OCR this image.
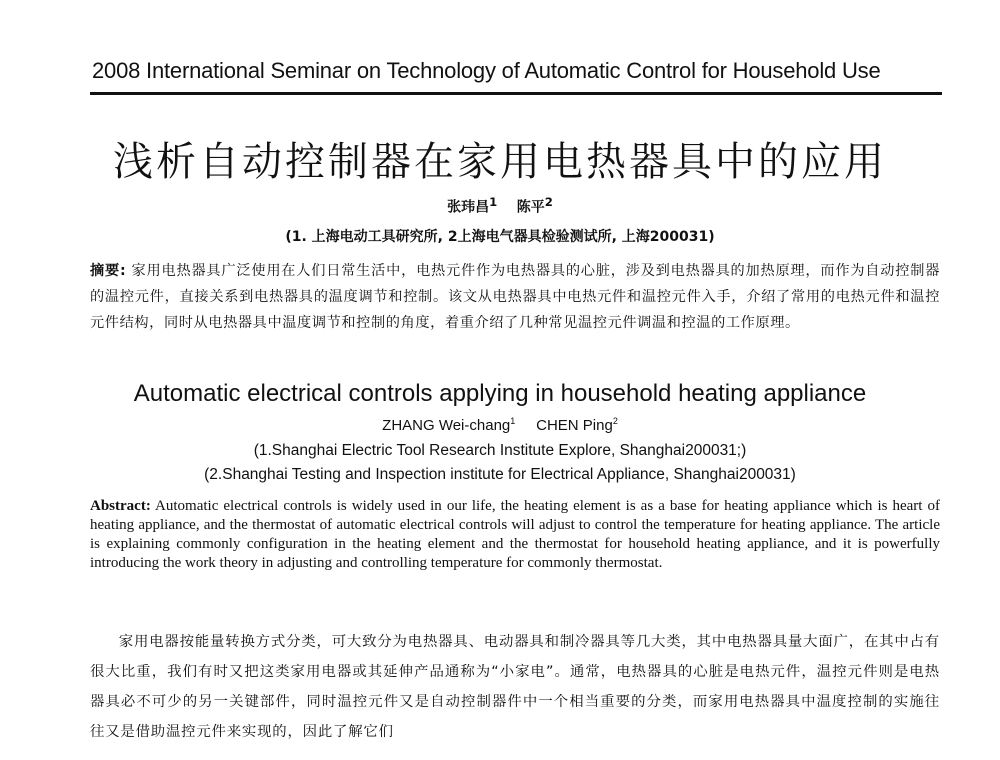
2008 International Seminar on Technology of Automatic Control for Household Use
浅析自动控制器在家用电热器具中的应用
张玮昌$^1$ 陈平$^2$
(1. 上海电动工具研究所, 2上海电气器具检验测试所, 上海200031)
摘要: 家用电热器具广泛使用在人们日常生活中，电热元件作为电热器具的心脏，涉及到电热器具的加热原理，而作为自动控制器的温控元件，直接关系到电热器具的温度调节和控制。该文从电热器具中电热元件和温控元件入手，介绍了常用的电热元件和温控元件结构，同时从电热器具中温度调节和控制的角度，着重介绍了几种常见温控元件调温和控温的工作原理。
Automatic electrical controls applying in household heating appliance
ZHANG Wei-chang$^1$ CHEN Ping$^2$
(1.Shanghai Electric Tool Research Institute Explore, Shanghai200031;)
(2.Shanghai Testing and Inspection institute for Electrical Appliance, Shanghai200031)
Abstract: Automatic electrical controls is widely used in our life, the heating element is as a base for heating appliance which is heart of heating appliance, and the thermostat of automatic electrical controls will adjust to control the temperature for heating appliance. The article is explaining commonly configuration in the heating element and the thermostat for household heating appliance, and it is powerfully introducing the work theory in adjusting and controlling temperature for commonly thermostat.
家用电器按能量转换方式分类，可大致分为电热器具、电动器具和制冷器具等几大类，其中电热器具量大面广，在其中占有很大比重，我们有时又把这类家用电器或其延伸产品通称为“小家电”。通常，电热器具的心脏是电热元件，温控元件则是电热器具必不可少的另一关键部件，同时温控元件又是自动控制器件中一个相当重要的分类，而家用电热器具中温度控制的实施往往又是借助温控元件来实现的，因此了解它们
